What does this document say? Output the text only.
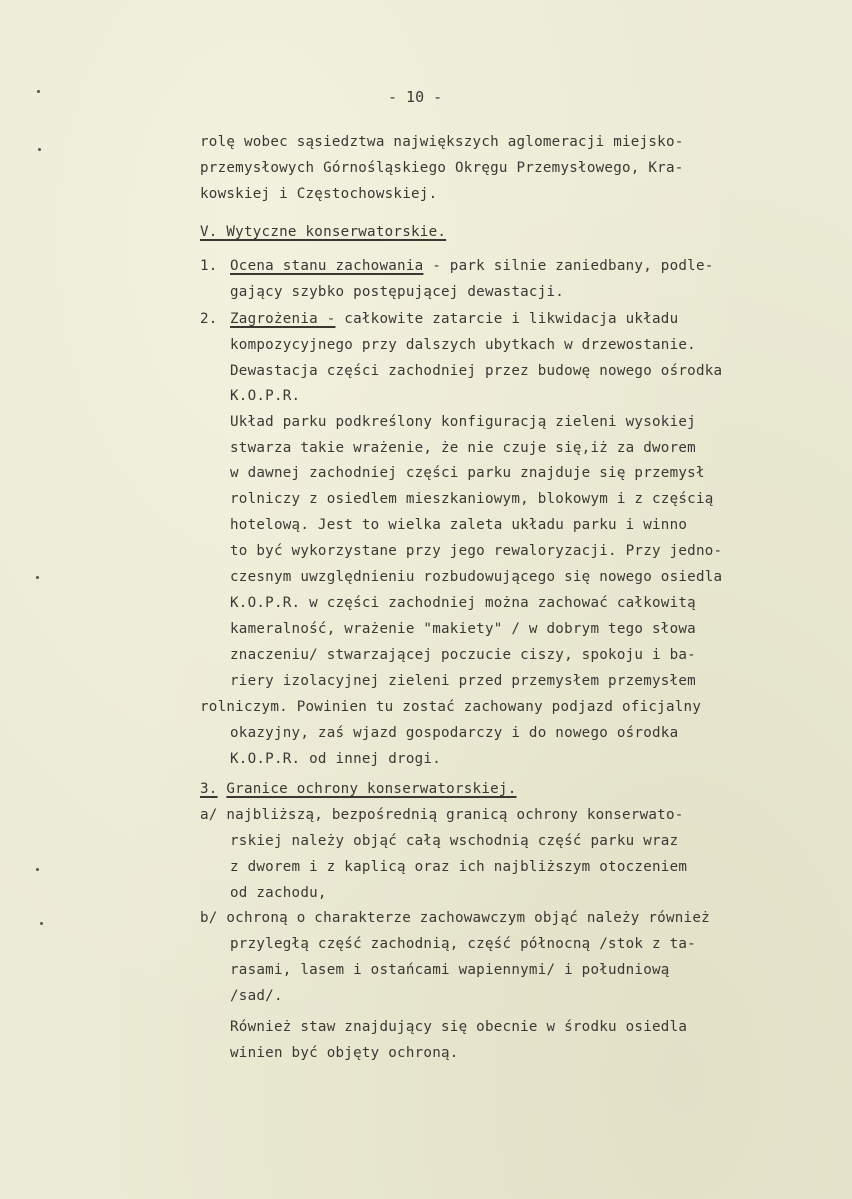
- 10 -
rolę wobec sąsiedztwa największych aglomeracji miejsko-
przemysłowych Górnośląskiego Okręgu Przemysłowego, Kra-
kowskiej i Częstochowskiej.
V. Wytyczne konserwatorskie.
1. Ocena stanu zachowania - park silnie zaniedbany, podle-
gający szybko postępującej dewastacji.
2. Zagrożenia - całkowite zatarcie i likwidacja układu
kompozycyjnego przy dalszych ubytkach w drzewostanie.
Dewastacja części zachodniej przez budowę nowego ośrodka
K.O.P.R.
Układ parku podkreślony konfiguracją zieleni wysokiej
stwarza takie wrażenie, że nie czuje się,iż za dworem
w dawnej zachodniej części parku znajduje się przemysł
rolniczy z osiedlem mieszkaniowym, blokowym i z częścią
hotelową. Jest to wielka zaleta układu parku i winno
to być wykorzystane przy jego rewaloryzacji. Przy jedno-
czesnym uwzględnieniu rozbudowującego się nowego osiedla
K.O.P.R. w części zachodniej można zachować całkowitą
kameralność, wrażenie "makiety" / w dobrym tego słowa
znaczeniu/ stwarzającej poczucie ciszy, spokoju i ba-
riery izolacyjnej zieleni przed przemysłem przemysłem
rolniczym. Powinien tu zostać zachowany podjazd oficjalny
okazyjny, zaś wjazd gospodarczy i do nowego ośrodka
K.O.P.R. od innej drogi.
3. Granice ochrony konserwatorskiej.
a/ najbliższą, bezpośrednią granicą ochrony konserwato-
rskiej należy objąć całą wschodnią część parku wraz
z dworem i z kaplicą oraz ich najbliższym otoczeniem
od zachodu,
b/ ochroną o charakterze zachowawczym objąć należy również
przyległą część zachodnią, część północną /stok z ta-
rasami, lasem i ostańcami wapiennymi/ i południową
/sad/.
Również staw znajdujący się obecnie w środku osiedla
winien być objęty ochroną.
